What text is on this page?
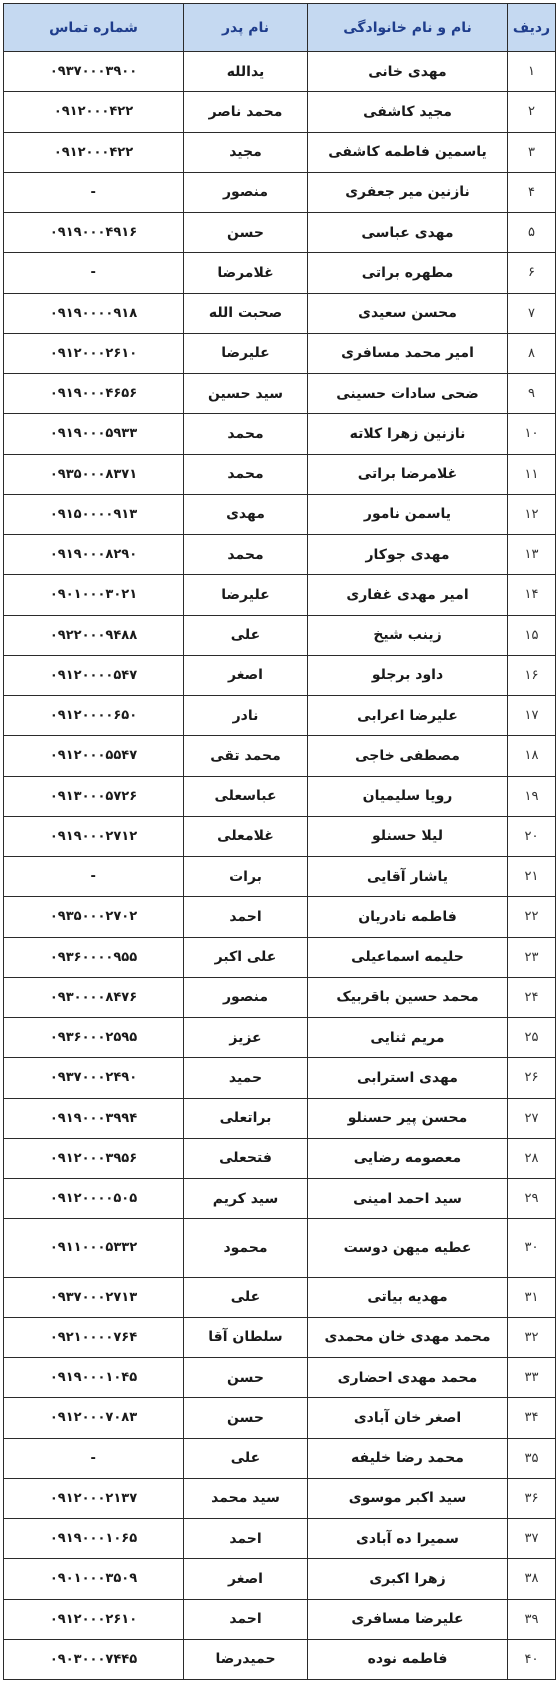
ردیف	نام و نام خانوادگی	نام پدر	شماره تماس
۱	مهدی خانی	یدالله	۰۹۳۷۰۰۰۳۹۰۰
۲	مجید کاشفی	محمد ناصر	۰۹۱۲۰۰۰۴۲۲
۳	یاسمین فاطمه کاشفی	مجید	۰۹۱۲۰۰۰۴۲۲
۴	نازنین میر جعفری	منصور	-
۵	مهدی عباسی	حسن	۰۹۱۹۰۰۰۴۹۱۶
۶	مطهره براتی	غلامرضا	-
۷	محسن سعیدی	صحبت الله	۰۹۱۹۰۰۰۰۹۱۸
۸	امیر محمد مسافری	علیرضا	۰۹۱۲۰۰۰۲۶۱۰
۹	ضحی سادات حسینی	سید حسین	۰۹۱۹۰۰۰۴۶۵۶
۱۰	نازنین زهرا کلاته	محمد	۰۹۱۹۰۰۰۵۹۳۳
۱۱	غلامرضا براتی	محمد	۰۹۳۵۰۰۰۸۳۷۱
۱۲	یاسمن نامور	مهدی	۰۹۱۵۰۰۰۰۹۱۳
۱۳	مهدی جوکار	محمد	۰۹۱۹۰۰۰۸۲۹۰
۱۴	امیر مهدی غفاری	علیرضا	۰۹۰۱۰۰۰۳۰۲۱
۱۵	زینب شیخ	علی	۰۹۲۲۰۰۰۹۴۸۸
۱۶	داود برجلو	اصغر	۰۹۱۲۰۰۰۰۵۴۷
۱۷	علیرضا اعرابی	نادر	۰۹۱۲۰۰۰۰۶۵۰
۱۸	مصطفی خاجی	محمد تقی	۰۹۱۲۰۰۰۵۵۴۷
۱۹	رویا سلیمیان	عباسعلی	۰۹۱۳۰۰۰۵۷۲۶
۲۰	لیلا حسنلو	غلامعلی	۰۹۱۹۰۰۰۲۷۱۲
۲۱	یاشار آقایی	برات	-
۲۲	فاطمه نادریان	احمد	۰۹۳۵۰۰۰۲۷۰۲
۲۳	حلیمه اسماعیلی	علی اکبر	۰۹۳۶۰۰۰۰۹۵۵
۲۴	محمد حسین باقربیک	منصور	۰۹۳۰۰۰۰۸۴۷۶
۲۵	مریم ثنایی	عزیز	۰۹۳۶۰۰۰۲۵۹۵
۲۶	مهدی استرابی	حمید	۰۹۳۷۰۰۰۲۴۹۰
۲۷	محسن پیر حسنلو	براتعلی	۰۹۱۹۰۰۰۳۹۹۴
۲۸	معصومه رضایی	فتحعلی	۰۹۱۲۰۰۰۳۹۵۶
۲۹	سید احمد امینی	سید کریم	۰۹۱۲۰۰۰۰۵۰۵
۳۰	عطیه میهن دوست	محمود	۰۹۱۱۰۰۰۵۳۳۲
۳۱	مهدیه بیاتی	علی	۰۹۳۷۰۰۰۲۷۱۳
۳۲	محمد مهدی خان محمدی	سلطان آقا	۰۹۲۱۰۰۰۰۷۶۴
۳۳	محمد مهدی احضاری	حسن	۰۹۱۹۰۰۰۱۰۴۵
۳۴	اصغر خان آبادی	حسن	۰۹۱۲۰۰۰۷۰۸۳
۳۵	محمد رضا خلیفه	علی	-
۳۶	سید اکبر موسوی	سید محمد	۰۹۱۲۰۰۰۲۱۳۷
۳۷	سمیرا ده آبادی	احمد	۰۹۱۹۰۰۰۱۰۶۵
۳۸	زهرا اکبری	اصغر	۰۹۰۱۰۰۰۳۵۰۹
۳۹	علیرضا مسافری	احمد	۰۹۱۲۰۰۰۲۶۱۰
۴۰	فاطمه نوده	حمیدرضا	۰۹۰۳۰۰۰۷۴۴۵
